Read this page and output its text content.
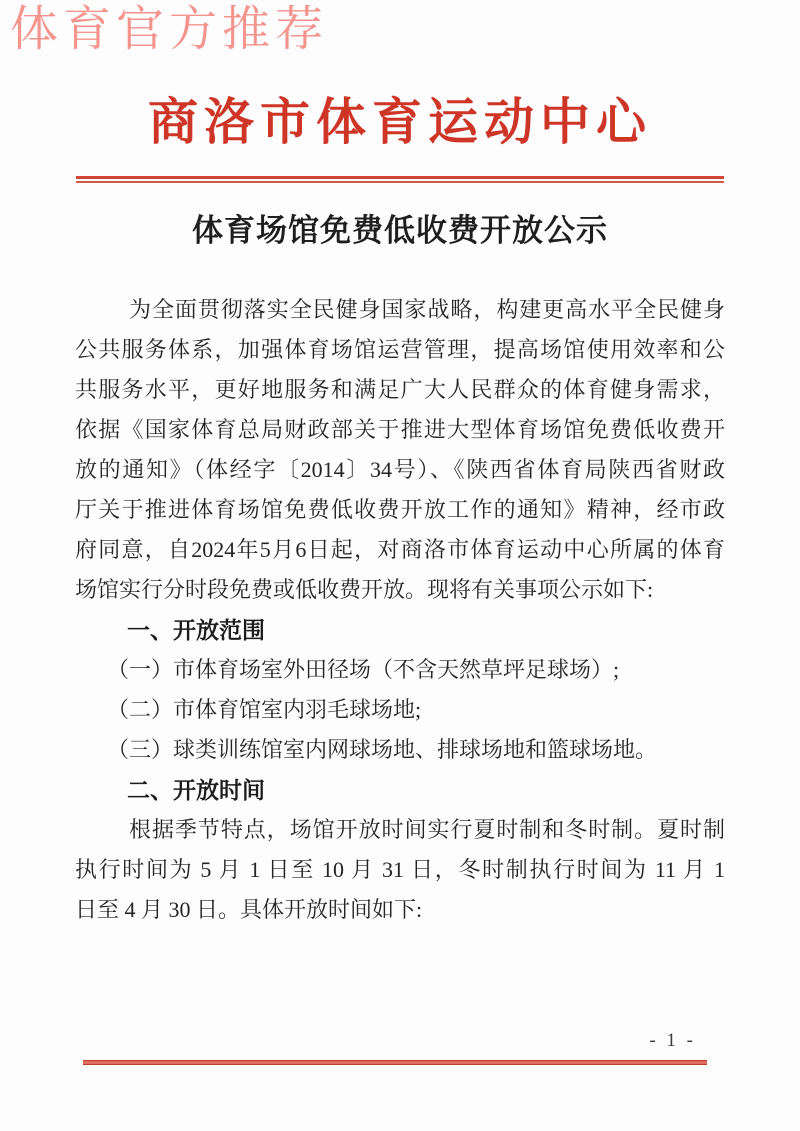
体育官方推荐
商洛市体育运动中心
体育场馆免费低收费开放公示
为全面贯彻落实全民健身国家战略，构建更高水平全民健身
公共服务体系，加强体育场馆运营管理，提高场馆使用效率和公
共服务水平，更好地服务和满足广大人民群众的体育健身需求，
依据《国家体育总局财政部关于推进大型体育场馆免费低收费开
放的通知》（体经字〔2014〕34号）、《陕西省体育局陕西省财政
厅关于推进体育场馆免费低收费开放工作的通知》精神，经市政
府同意，自2024年5月6日起，对商洛市体育运动中心所属的体育
场馆实行分时段免费或低收费开放。现将有关事项公示如下:
一、开放范围
（一）市体育场室外田径场（不含天然草坪足球场）;
（二）市体育馆室内羽毛球场地;
（三）球类训练馆室内网球场地、排球场地和篮球场地。
二、开放时间
根据季节特点，场馆开放时间实行夏时制和冬时制。夏时制
执行时间为 5 月 1 日至 10 月 31 日，冬时制执行时间为 11 月 1
日至 4 月 30 日。具体开放时间如下:
- 1 -
